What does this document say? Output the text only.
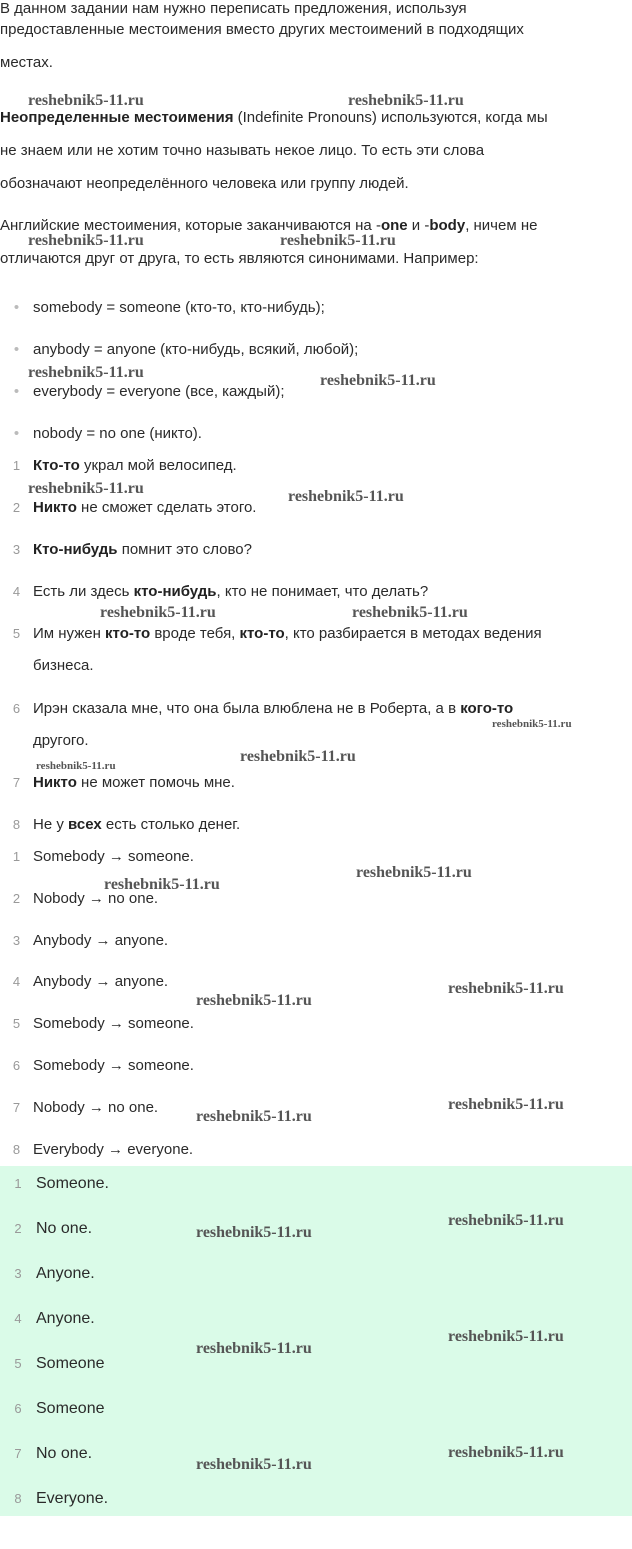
В данном задании нам нужно переписать предложения, используя
предоставленные местоимения вместо других местоимений в подходящих
местах.
Неопределенные местоимения (Indefinite Pronouns) используются, когда мы
не знаем или не хотим точно называть некое лицо. То есть эти слова
обозначают неопределённого человека или группу людей.
Английские местоимения, которые заканчиваются на -one и -body, ничем не
отличаются друг от друга, то есть являются синонимами. Например:
1 Someone.
2 No one.
3 Anyone.
4 Anyone.
5 Someone
6 Someone
7 No one.
8 Everyone.
• somebody = someone (кто-то, кто-нибудь);
• anybody = anyone (кто-нибудь, всякий, любой);
• everybody = everyone (все, каждый);
• nobody = no one (никто).
1 Кто-то украл мой велосипед.
2 Никто не сможет сделать этого.
3 Кто-нибудь помнит это слово?
4 Есть ли здесь кто-нибудь, кто не понимает, что делать?
5 Им нужен кто-то вроде тебя, кто-то, кто разбирается в методах ведения
бизнеса.
6 Ирэн сказала мне, что она была влюблена не в Роберта, а в кого-то
другого.
7 Никто не может помочь мне.
8 Не у всех есть столько денег.
1 Somebody → someone.
2 Nobody → no one.
3 Anybody → anyone.
4 Anybody → anyone.
5 Somebody → someone.
6 Somebody → someone.
7 Nobody → no one.
8 Everybody → everyone.
reshebnik5-11.ru	reshebnik5-11.ru
reshebnik5-11.ru	reshebnik5-11.ru
reshebnik5-11.ru	reshebnik5-11.ru
reshebnik5-11.ru	reshebnik5-11.ru
reshebnik5-11.ru	reshebnik5-11.ru
reshebnik5-11.ru
reshebnik5-11.ru
reshebnik5-11.ru
reshebnik5-11.ru
reshebnik5-11.ru
reshebnik5-11.ru
reshebnik5-11.ru
reshebnik5-11.ru
reshebnik5-11.ru
reshebnik5-11.ru
reshebnik5-11.ru
reshebnik5-11.ru
reshebnik5-11.ru
reshebnik5-11.ru
reshebnik5-11.ru
